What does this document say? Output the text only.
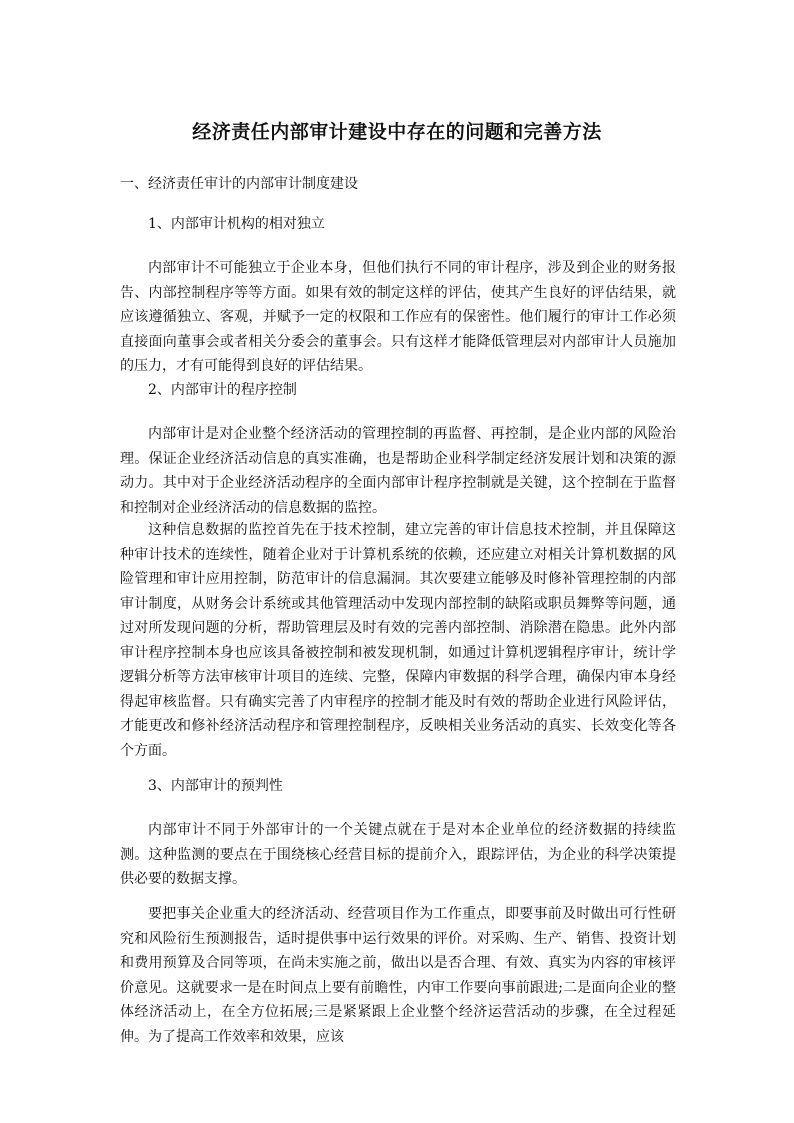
经济责任内部审计建设中存在的问题和完善方法
一、经济责任审计的内部审计制度建设
1、内部审计机构的相对独立

内部审计不可能独立于企业本身，但他们执行不同的审计程序，涉及到企业的财务报告、内部控制程序等等方面。如果有效的制定这样的评估，使其产生良好的评估结果，就应该遵循独立、客观，并赋予一定的权限和工作应有的保密性。他们履行的审计工作必须直接面向董事会或者相关分委会的董事会。只有这样才能降低管理层对内部审计人员施加的压力，才有可能得到良好的评估结果。

2、内部审计的程序控制

内部审计是对企业整个经济活动的管理控制的再监督、再控制，是企业内部的风险治理。保证企业经济活动信息的真实准确，也是帮助企业科学制定经济发展计划和决策的源动力。其中对于企业经济活动程序的全面内部审计程序控制就是关键，这个控制在于监督和控制对企业经济活动的信息数据的监控。

这种信息数据的监控首先在于技术控制，建立完善的审计信息技术控制，并且保障这种审计技术的连续性，随着企业对于计算机系统的依赖，还应建立对相关计算机数据的风险管理和审计应用控制，防范审计的信息漏洞。其次要建立能够及时修补管理控制的内部审计制度，从财务会计系统或其他管理活动中发现内部控制的缺陷或职员舞弊等问题，通过对所发现问题的分析，帮助管理层及时有效的完善内部控制、消除潜在隐患。此外内部审计程序控制本身也应该具备被控制和被发现机制，如通过计算机逻辑程序审计，统计学逻辑分析等方法审核审计项目的连续、完整，保障内审数据的科学合理，确保内审本身经得起审核监督。只有确实完善了内审程序的控制才能及时有效的帮助企业进行风险评估，才能更改和修补经济活动程序和管理控制程序，反映相关业务活动的真实、长效变化等各个方面。

3、内部审计的预判性

内部审计不同于外部审计的一个关键点就在于是对本企业单位的经济数据的持续监测。这种监测的要点在于围绕核心经营目标的提前介入，跟踪评估，为企业的科学决策提供必要的数据支撑。

要把事关企业重大的经济活动、经营项目作为工作重点，即要事前及时做出可行性研究和风险衍生预测报告，适时提供事中运行效果的评价。对采购、生产、销售、投资计划和费用预算及合同等项，在尚未实施之前，做出以是否合理、有效、真实为内容的审核评价意见。这就要求一是在时间点上要有前瞻性，内审工作要向事前跟进;二是面向企业的整体经济活动上，在全方位拓展;三是紧紧跟上企业整个经济运营活动的步骤，在全过程延伸。为了提高工作效率和效果，应该
